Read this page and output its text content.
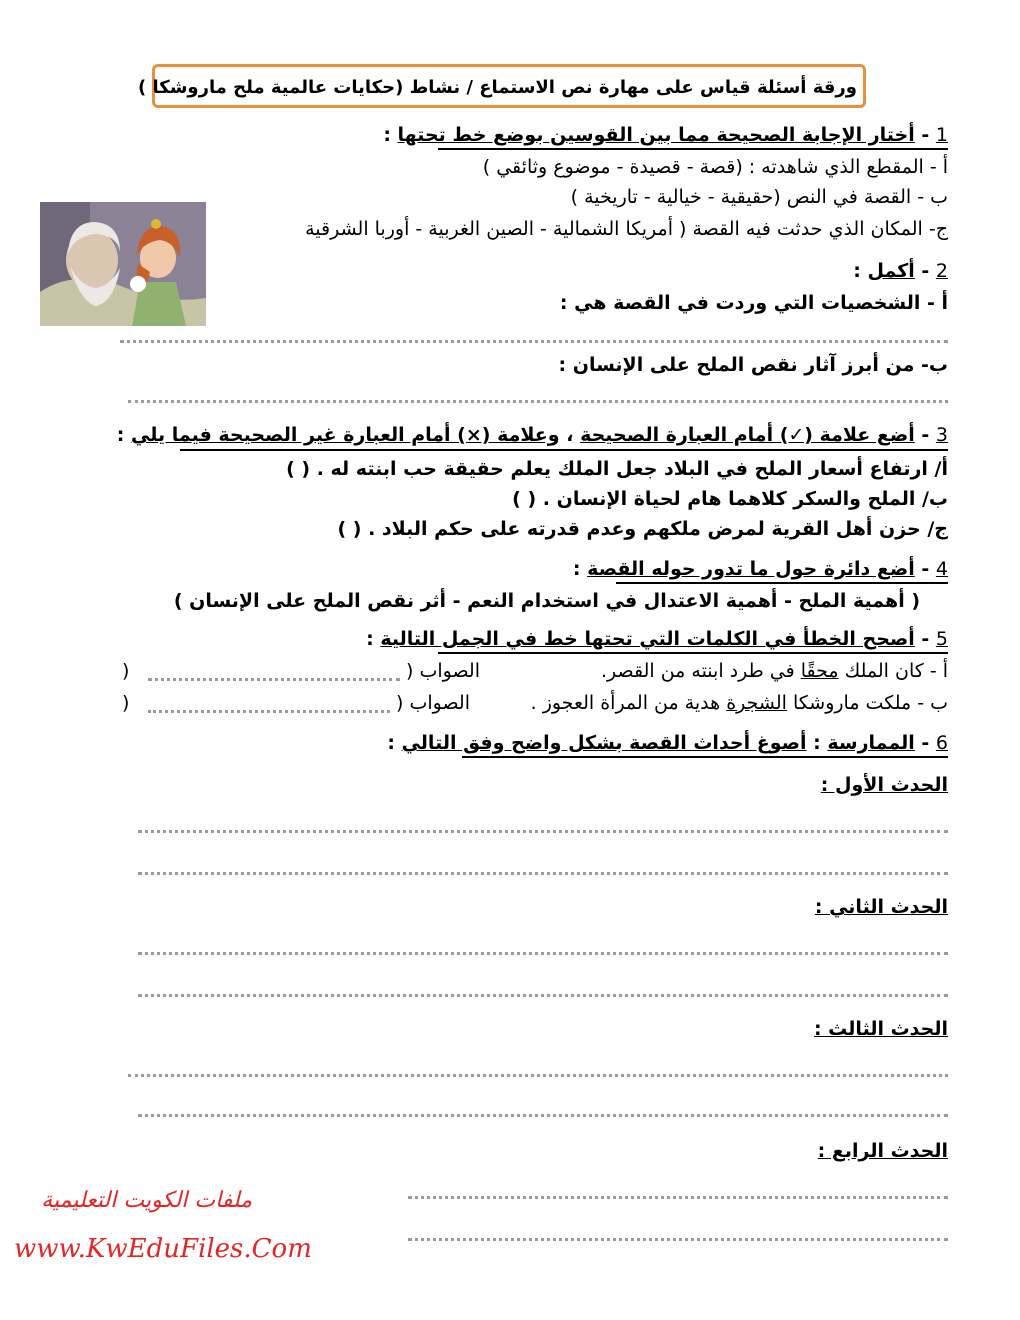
ورقة أسئلة قياس على مهارة نص الاستماع / نشاط (حكايات عالمية ملح ماروشكا )
1 - أختار الإجابة الصحيحة مما بين القوسين بوضع خط تحتها :
أ - المقطع الذي شاهدته : (قصة - قصيدة - موضوع وثائقي )
ب - القصة في النص (حقيقية - خيالية - تاريخية )
ج- المكان الذي حدثت فيه القصة ( أمريكا الشمالية - الصين الغربية - أوربا الشرقية
2 - أكمل :
أ - الشخصيات التي وردت في القصة هي :
ب- من أبرز آثار نقص الملح على الإنسان :
3 - أضع علامة (✓) أمام العبارة الصحيحة ، وعلامة (×) أمام العبارة غير الصحيحة فيما يلي :
أ/ ارتفاع أسعار الملح في البلاد جعل الملك يعلم حقيقة حب ابنته له . ( )
ب/ الملح والسكر كلاهما هام لحياة الإنسان . ( )
ج/ حزن أهل القرية لمرض ملكهم وعدم قدرته على حكم البلاد . ( )
4 - أضع دائرة حول ما تدور حوله القصة :
( أهمية الملح - أهمية الاعتدال في استخدام النعم - أثر نقص الملح على الإنسان )
5 - أصحح الخطأ في الكلمات التي تحتها خط في الجمل التالية :
أ - كان الملك محقًا في طرد ابنته من القصر.
الصواب (
)
ب - ملكت ماروشكا الشجرة هدية من المرأة العجوز .
الصواب (
)
6 - الممارسة : أصوغ أحداث القصة بشكل واضح وفق التالي :
الحدث الأول :
الحدث الثاني :
الحدث الثالث :
الحدث الرابع :
ملفات الكويت التعليمية
www.KwEduFiles.Com
